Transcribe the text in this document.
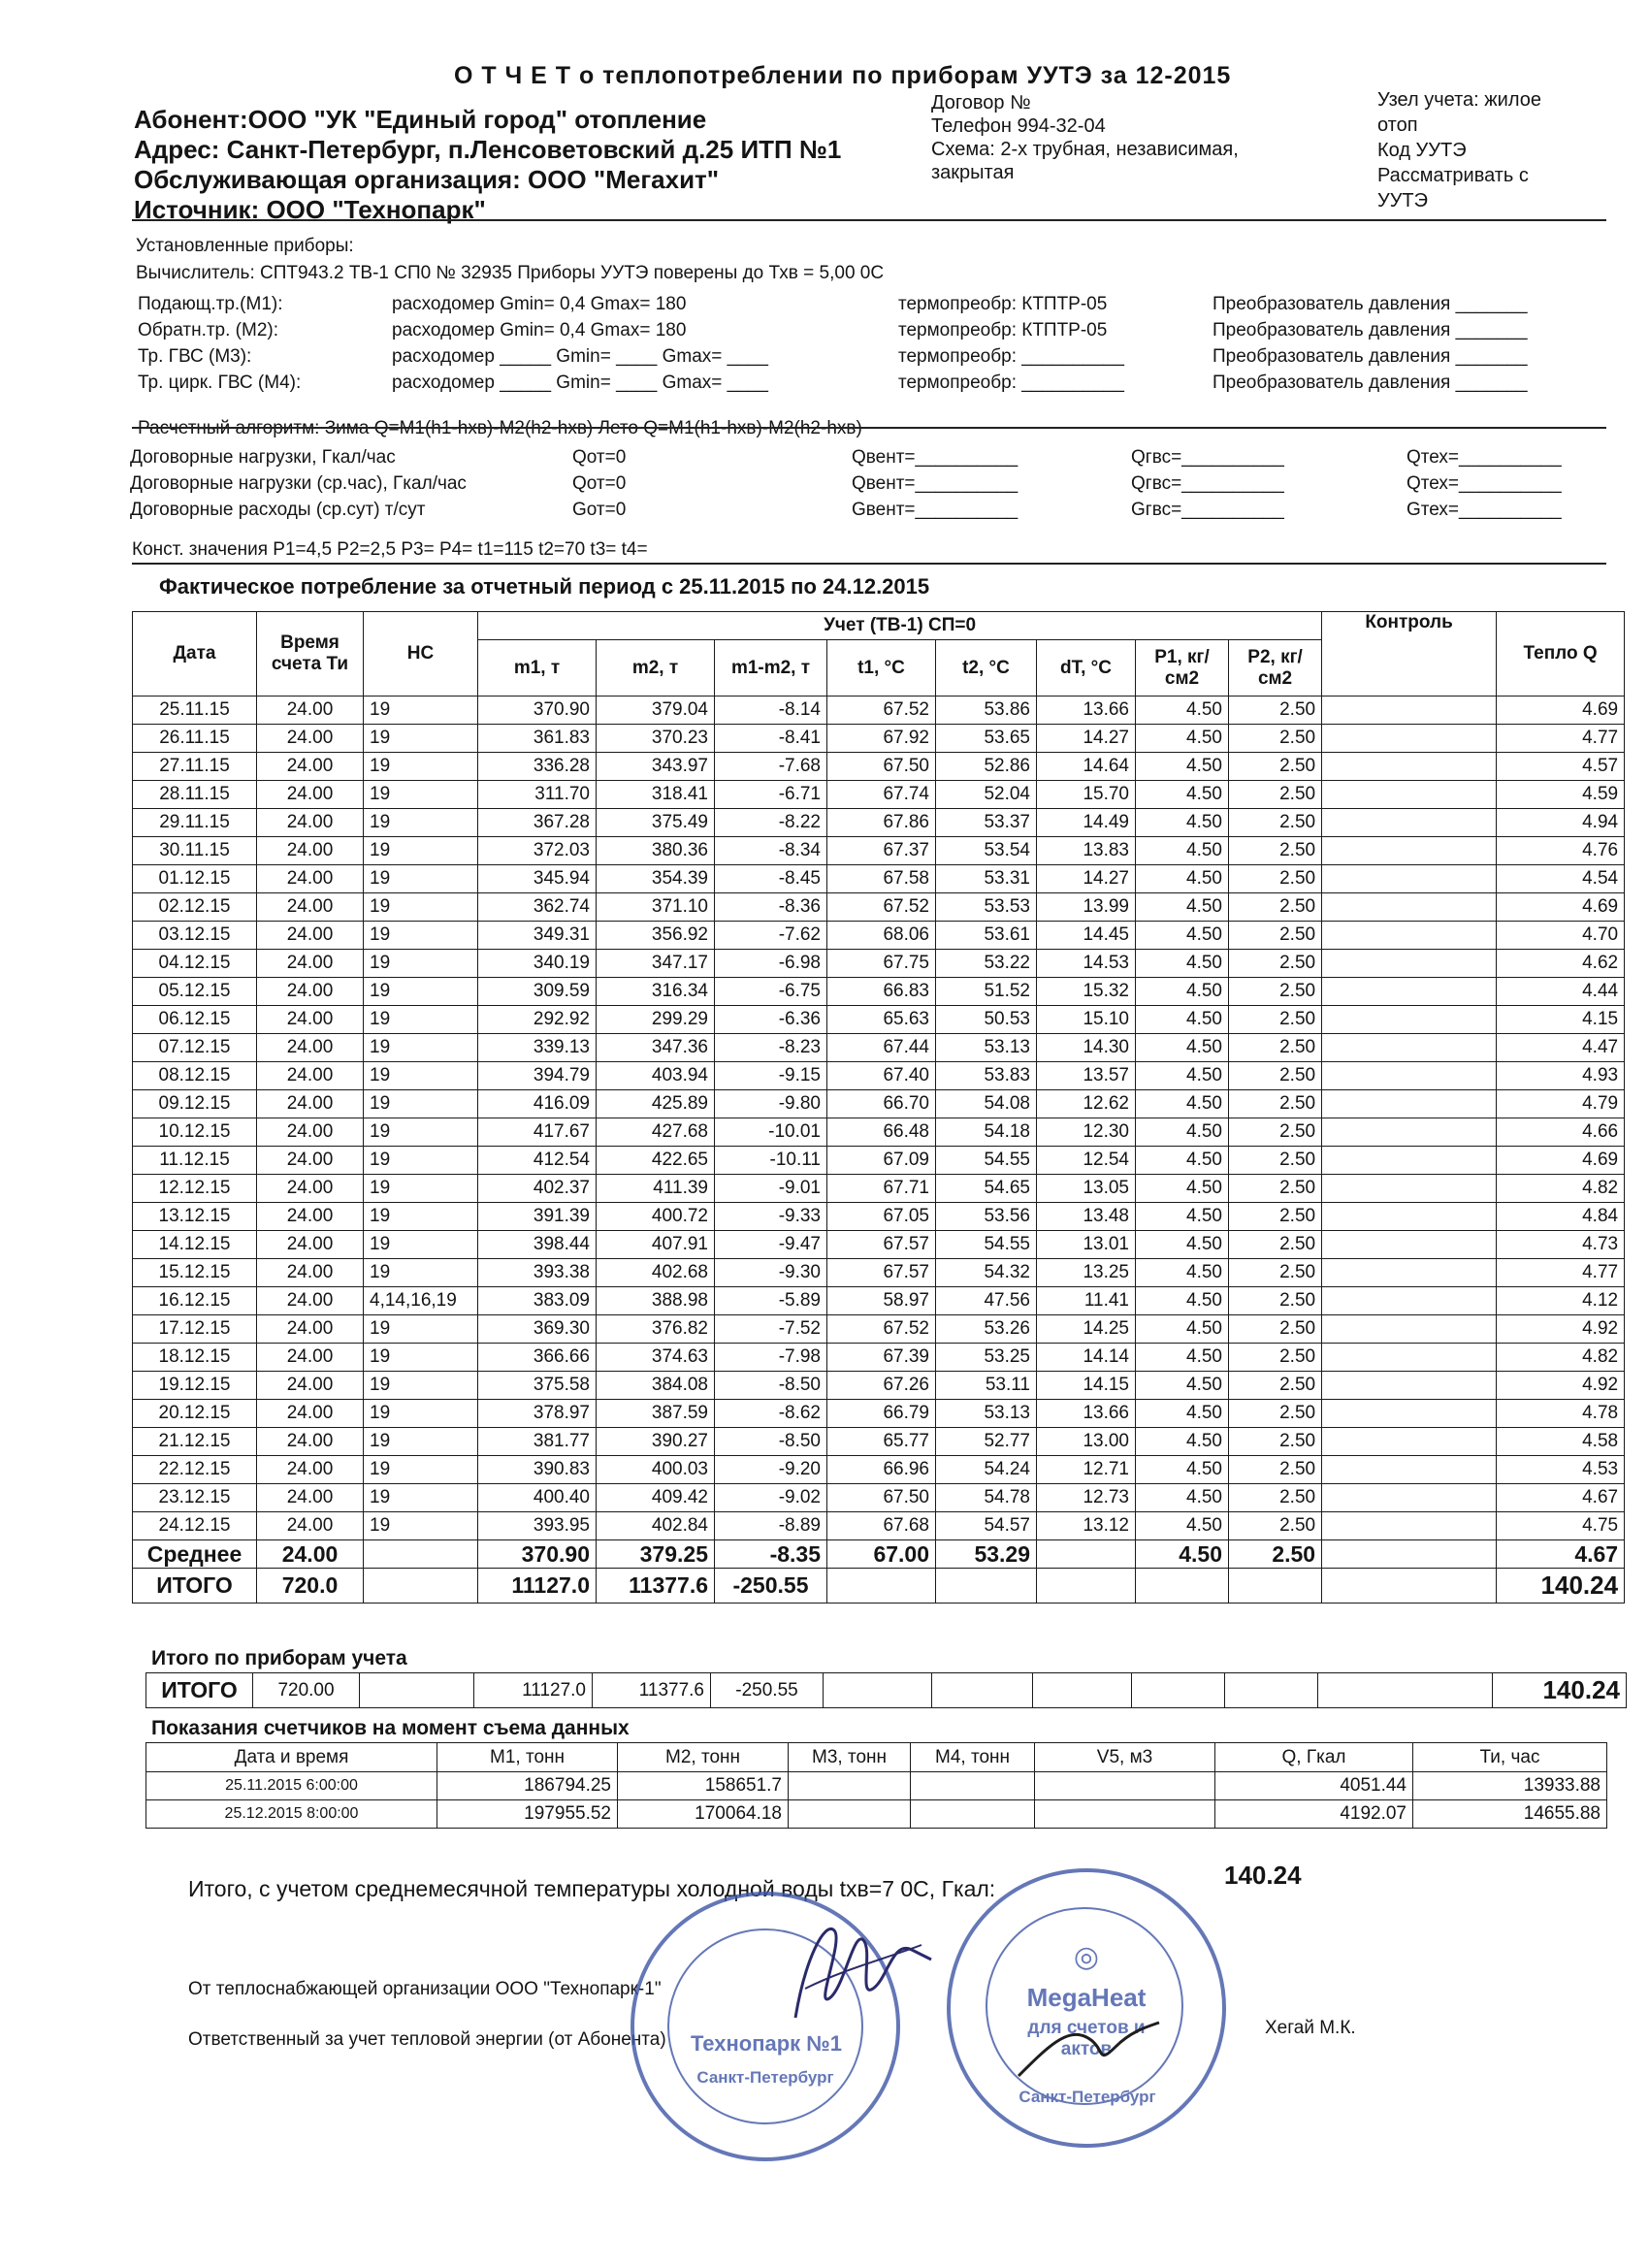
О Т Ч Е Т о теплопотреблении по приборам УУТЭ за 12-2015
Абонент:ООО "УК "Единый город" отопление
Адрес: Санкт-Петербург, п.Ленсоветовский д.25 ИТП №1
Обслуживающая организация: ООО "Мегахит"
Источник: ООО "Технопарк"
Договор №
Телефон 994-32-04
Схема: 2-х трубная, независимая,
закрытая
Узел учета: жилое
отоп
Код УУТЭ
Рассматривать с
УУТЭ
Установленные приборы:
Вычислитель: СПТ943.2 ТВ-1 СП0 № 32935 Приборы УУТЭ поверены до Тхв = 5,00 0С
Подающ.тр.(М1):	расходомер Gmin= 0,4 Gmax= 180	термопреобр: КТПТР-05	Преобразователь давления _______
Обратн.тр. (М2):	расходомер Gmin= 0,4 Gmax= 180	термопреобр: КТПТР-05	Преобразователь давления _______
Тр. ГВС (М3):	расходомер _____ Gmin= ____ Gmax= ____	термопреобр: __________	Преобразователь давления _______
Тр. цирк. ГВС (М4):	расходомер _____ Gmin= ____ Gmax= ____	термопреобр: __________	Преобразователь давления _______
Расчетный алгоритм: Зима Q=M1(h1-hхв)-M2(h2-hхв) Лето Q=M1(h1-hхв)-M2(h2-hхв)
Договорные нагрузки, Гкал/час	Qот=0	Qвент=__________	Qгвс=__________	Qтех=__________
Договорные нагрузки (ср.час), Гкал/час	Qот=0	Qвент=__________	Qгвс=__________	Qтех=__________
Договорные расходы (ср.сут) т/сут	Gот=0	Gвент=__________	Gгвс=__________	Gтех=__________
Конст. значения Р1=4,5 Р2=2,5 Р3= Р4= t1=115 t2=70 t3= t4=
Фактическое потребление за отчетный период с 25.11.2015 по 24.12.2015
Дата	Время счета Ти	НС	Учет (ТВ-1) СП=0								Контроль	Тепло Q
			m1, т	m2, т	m1-m2, т	t1, °C	t2, °C	dT, °C	P1, кг/см2	P2, кг/см2		
25.11.15	24.00	19	370.90	379.04	-8.14	67.52	53.86	13.66	4.50	2.50		4.69
26.11.15	24.00	19	361.83	370.23	-8.41	67.92	53.65	14.27	4.50	2.50		4.77
27.11.15	24.00	19	336.28	343.97	-7.68	67.50	52.86	14.64	4.50	2.50		4.57
28.11.15	24.00	19	311.70	318.41	-6.71	67.74	52.04	15.70	4.50	2.50		4.59
29.11.15	24.00	19	367.28	375.49	-8.22	67.86	53.37	14.49	4.50	2.50		4.94
30.11.15	24.00	19	372.03	380.36	-8.34	67.37	53.54	13.83	4.50	2.50		4.76
01.12.15	24.00	19	345.94	354.39	-8.45	67.58	53.31	14.27	4.50	2.50		4.54
02.12.15	24.00	19	362.74	371.10	-8.36	67.52	53.53	13.99	4.50	2.50		4.69
03.12.15	24.00	19	349.31	356.92	-7.62	68.06	53.61	14.45	4.50	2.50		4.70
04.12.15	24.00	19	340.19	347.17	-6.98	67.75	53.22	14.53	4.50	2.50		4.62
05.12.15	24.00	19	309.59	316.34	-6.75	66.83	51.52	15.32	4.50	2.50		4.44
06.12.15	24.00	19	292.92	299.29	-6.36	65.63	50.53	15.10	4.50	2.50		4.15
07.12.15	24.00	19	339.13	347.36	-8.23	67.44	53.13	14.30	4.50	2.50		4.47
08.12.15	24.00	19	394.79	403.94	-9.15	67.40	53.83	13.57	4.50	2.50		4.93
09.12.15	24.00	19	416.09	425.89	-9.80	66.70	54.08	12.62	4.50	2.50		4.79
10.12.15	24.00	19	417.67	427.68	-10.01	66.48	54.18	12.30	4.50	2.50		4.66
11.12.15	24.00	19	412.54	422.65	-10.11	67.09	54.55	12.54	4.50	2.50		4.69
12.12.15	24.00	19	402.37	411.39	-9.01	67.71	54.65	13.05	4.50	2.50		4.82
13.12.15	24.00	19	391.39	400.72	-9.33	67.05	53.56	13.48	4.50	2.50		4.84
14.12.15	24.00	19	398.44	407.91	-9.47	67.57	54.55	13.01	4.50	2.50		4.73
15.12.15	24.00	19	393.38	402.68	-9.30	67.57	54.32	13.25	4.50	2.50		4.77
16.12.15	24.00	4,14,16,19	383.09	388.98	-5.89	58.97	47.56	11.41	4.50	2.50		4.12
17.12.15	24.00	19	369.30	376.82	-7.52	67.52	53.26	14.25	4.50	2.50		4.92
18.12.15	24.00	19	366.66	374.63	-7.98	67.39	53.25	14.14	4.50	2.50		4.82
19.12.15	24.00	19	375.58	384.08	-8.50	67.26	53.11	14.15	4.50	2.50		4.92
20.12.15	24.00	19	378.97	387.59	-8.62	66.79	53.13	13.66	4.50	2.50		4.78
21.12.15	24.00	19	381.77	390.27	-8.50	65.77	52.77	13.00	4.50	2.50		4.58
22.12.15	24.00	19	390.83	400.03	-9.20	66.96	54.24	12.71	4.50	2.50		4.53
23.12.15	24.00	19	400.40	409.42	-9.02	67.50	54.78	12.73	4.50	2.50		4.67
24.12.15	24.00	19	393.95	402.84	-8.89	67.68	54.57	13.12	4.50	2.50		4.75
Среднее	24.00		370.90	379.25	-8.35	67.00	53.29		4.50	2.50		4.67
ИТОГО	720.0		11127.0	11377.6	-250.55							140.24
Итого по приборам учета
ИТОГО	720.00		11127.0	11377.6	-250.55							140.24
Показания счетчиков на момент съема данных
Дата и время	M1, тонн	M2, тонн	M3, тонн	M4, тонн	V5, м3	Q, Гкал	Ти, час
25.11.2015 6:00:00	186794.25	158651.7				4051.44	13933.88
25.12.2015 8:00:00	197955.52	170064.18				4192.07	14655.88
Итого, с учетом среднемесячной температуры холодной воды tхв=7 0С, Гкал:	140.24
От теплоснабжающей организации ООО "Технопарк-1"
Ответственный за учет тепловой энергии (от Абонента)
Хегай М.К.
Технопарк №1
Санкт-Петербург
◎
MegaHeat
для счетов и актов
Санкт-Петербург
